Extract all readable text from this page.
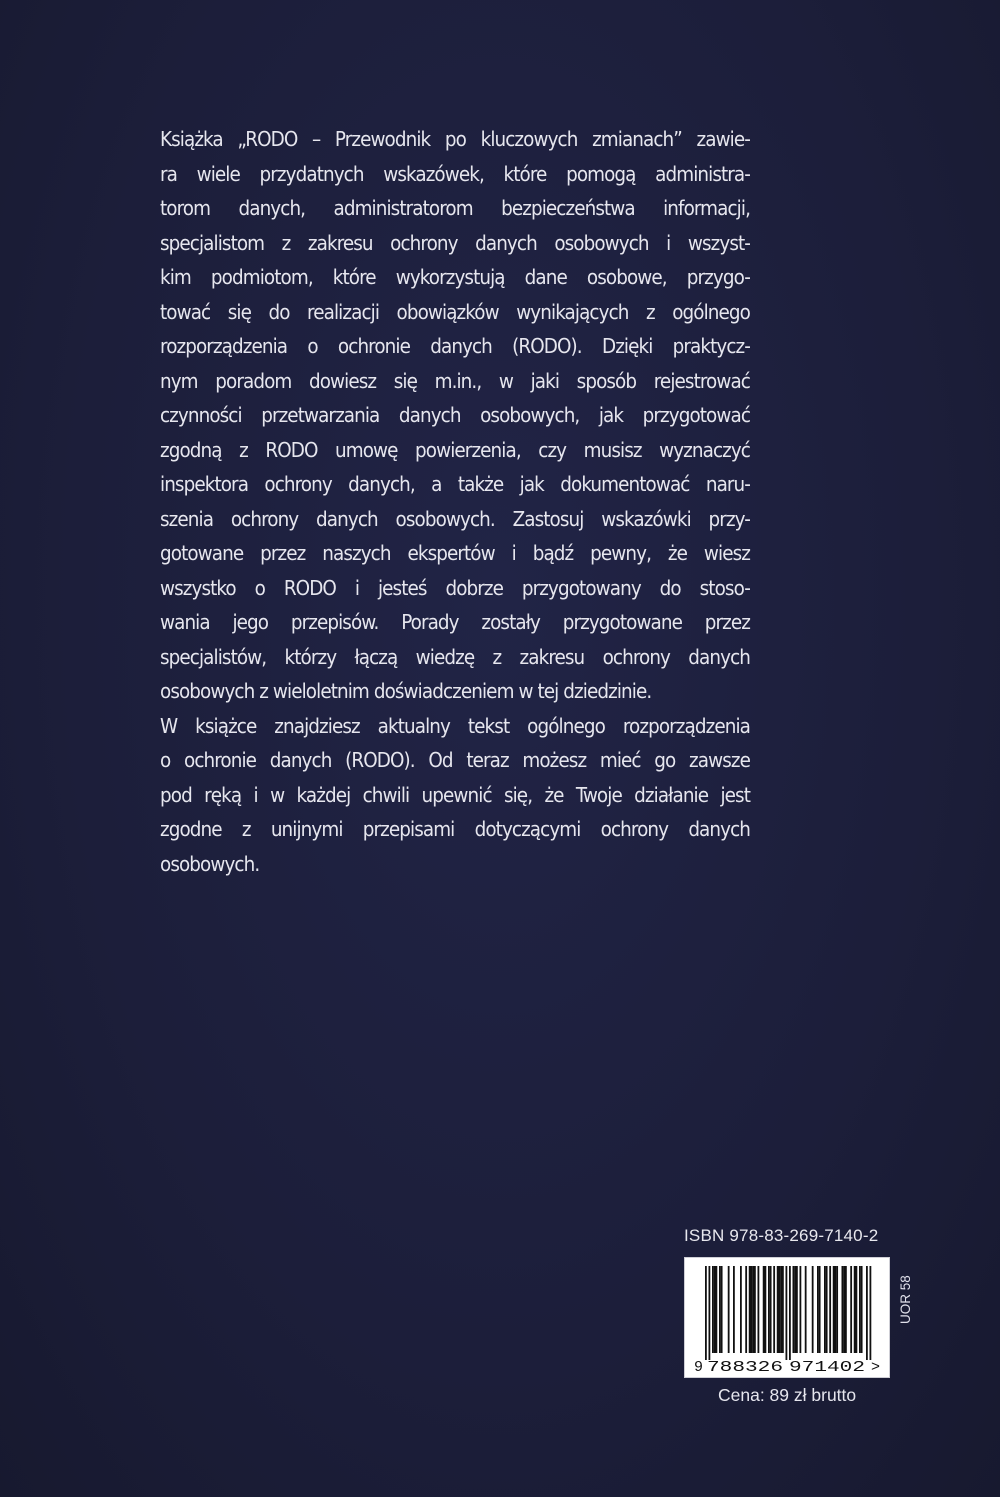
Książka „RODO – Przewodnik po kluczowych zmianach” zawie-
ra wiele przydatnych wskazówek, które pomogą administra-
torom danych, administratorom bezpieczeństwa informacji,
specjalistom z zakresu ochrony danych osobowych i wszyst-
kim podmiotom, które wykorzystują dane osobowe, przygo-
tować się do realizacji obowiązków wynikających z ogólnego
rozporządzenia o ochronie danych (RODO). Dzięki praktycz-
nym poradom dowiesz się m.in., w jaki sposób rejestrować
czynności przetwarzania danych osobowych, jak przygotować
zgodną z RODO umowę powierzenia, czy musisz wyznaczyć
inspektora ochrony danych, a także jak dokumentować naru-
szenia ochrony danych osobowych. Zastosuj wskazówki przy-
gotowane przez naszych ekspertów i bądź pewny, że wiesz
wszystko o RODO i jesteś dobrze przygotowany do stoso-
wania jego przepisów. Porady zostały przygotowane przez
specjalistów, którzy łączą wiedzę z zakresu ochrony danych
osobowych z wieloletnim doświadczeniem w tej dziedzinie.
W książce znajdziesz aktualny tekst ogólnego rozporządzenia
o ochronie danych (RODO). Od teraz możesz mieć go zawsze
pod ręką i w każdej chwili upewnić się, że Twoje działanie jest
zgodne z unijnymi przepisami dotyczącymi ochrony danych
osobowych.
ISBN 978-83-269-7140-2
9 788326 971402 >
Cena: 89 zł brutto
UOR 58
